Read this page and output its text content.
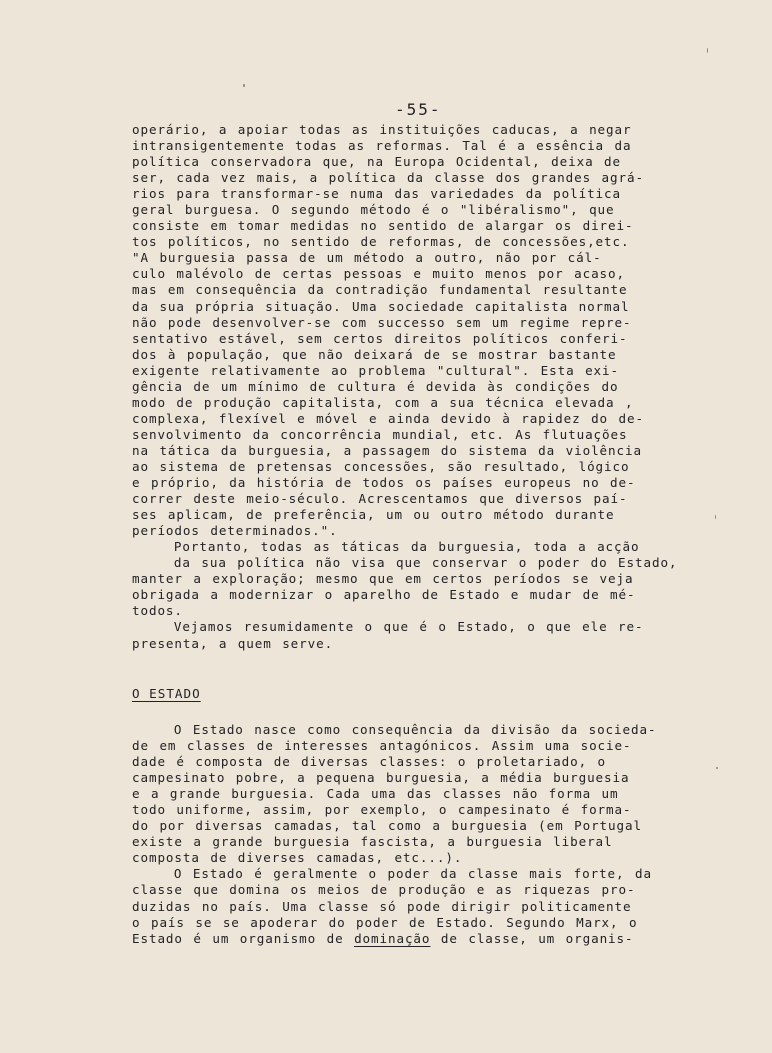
-55-
operário, a apoiar todas as instituições caducas, a negar
intransigentemente todas as reformas. Tal é a essência da
política conservadora que, na Europa Ocidental, deixa de
ser, cada vez mais, a política da classe dos grandes agrá-
rios para transformar-se numa das variedades da política
geral burguesa. O segundo método é o "libéralismo", que
consiste em tomar medidas no sentido de alargar os direi-
tos políticos, no sentido de reformas, de concessões,etc.
"A burguesia passa de um método a outro, não por cál-
culo malévolo de certas pessoas e muito menos por acaso,
mas em consequência da contradição fundamental resultante
da sua própria situação. Uma sociedade capitalista normal
não pode desenvolver-se com successo sem um regime repre-
sentativo estável, sem certos direitos políticos conferi-
dos à população, que não deixará de se mostrar bastante
exigente relativamente ao problema "cultural". Esta exi-
gência de um mínimo de cultura é devida às condições do
modo de produção capitalista, com a sua técnica elevada ,
complexa, flexível e móvel e ainda devido à rapidez do de-
senvolvimento da concorrência mundial, etc. As flutuações
na tática da burguesia, a passagem do sistema da violência
ao sistema de pretensas concessões, são resultado, lógico
e próprio, da história de todos os países europeus no de-
correr deste meio-século. Acrescentamos que diversos paí-
ses aplicam, de preferência, um ou outro método durante
períodos determinados.".
Portanto, todas as táticas da burguesia, toda a acção
da sua política não visa que conservar o poder do Estado,
manter a exploração; mesmo que em certos períodos se veja
obrigada a modernizar o aparelho de Estado e mudar de mé-
todos.
Vejamos resumidamente o que é o Estado, o que ele re-
presenta, a quem serve.
O ESTADO
O Estado nasce como consequência da divisão da socieda-
de em classes de interesses antagónicos. Assim uma socie-
dade é composta de diversas classes: o proletariado, o
campesinato pobre, a pequena burguesia, a média burguesia
e a grande burguesia. Cada uma das classes não forma um
todo uniforme, assim, por exemplo, o campesinato é forma-
do por diversas camadas, tal como a burguesia (em Portugal
existe a grande burguesia fascista, a burguesia liberal
composta de diverses camadas, etc...).
O Estado é geralmente o poder da classe mais forte, da
classe que domina os meios de produção e as riquezas pro-
duzidas no país. Uma classe só pode dirigir politicamente
o país se se apoderar do poder de Estado. Segundo Marx, o
Estado é um organismo de dominação de classe, um organis-
